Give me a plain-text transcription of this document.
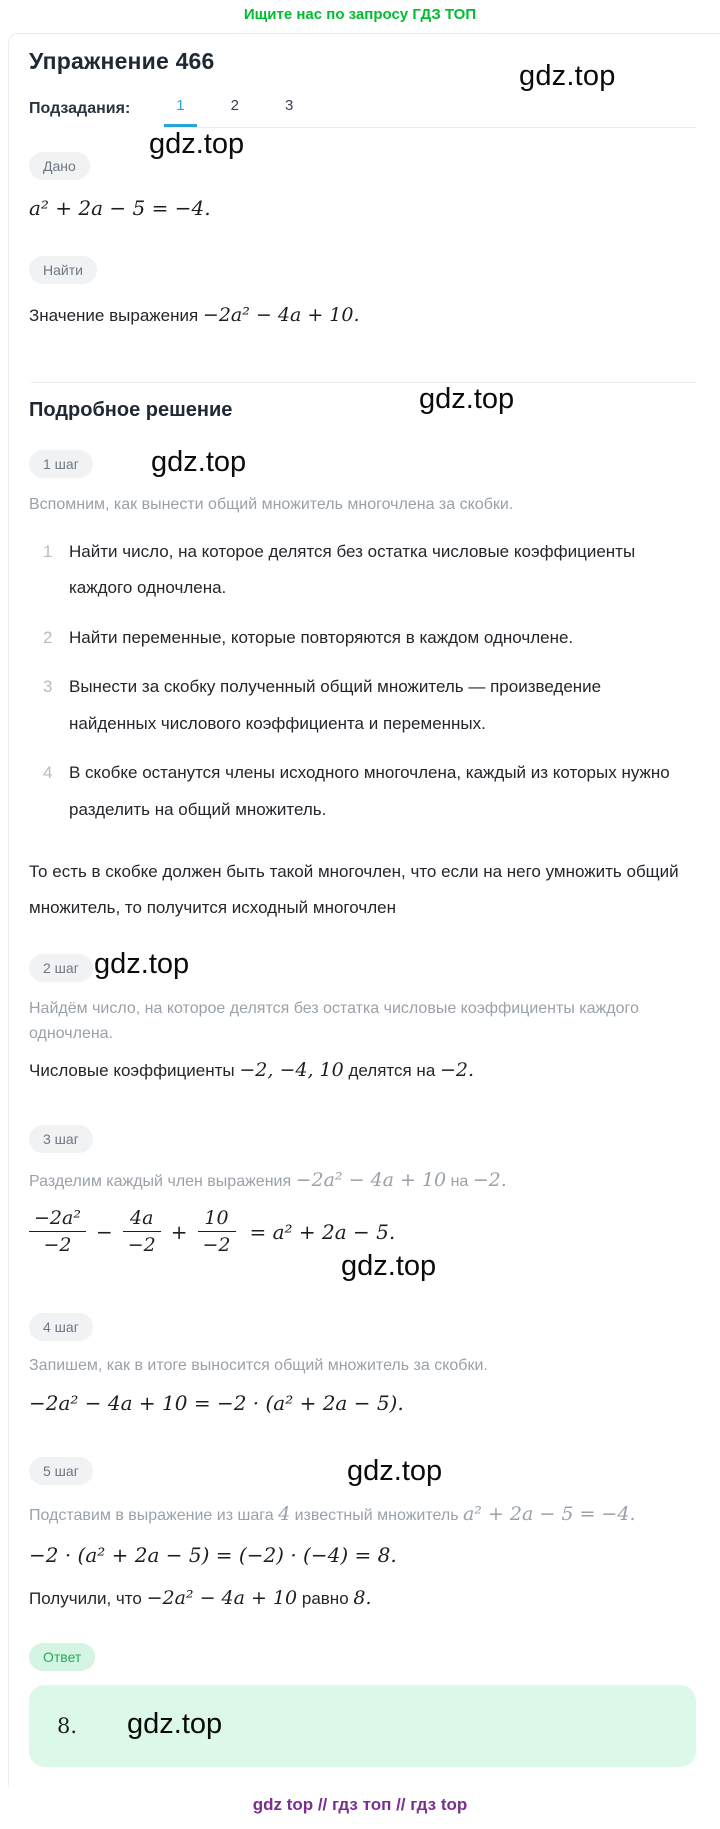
Ищите нас по запросу ГДЗ ТОП
Упражнение 466	gdz.top
Подзадания:	1	2	3
Дано
gdz.top
a² + 2a − 5 = −4.
Найти
Значение выражения −2a² − 4a + 10.
Подробное решение	gdz.top
1 шаг gdz.top
Вспомним, как вынести общий множитель многочлена за скобки.
1 Найти число, на которое делятся без остатка числовые коэффициенты каждого одночлена.
2 Найти переменные, которые повторяются в каждом одночлене.
3 Вынести за скобку полученный общий множитель — произведение найденных числового коэффициента и переменных.
4 В скобке останутся члены исходного многочлена, каждый из которых нужно разделить на общий множитель.

То есть в скобке должен быть такой многочлен, что если на него умножить общий множитель, то получится исходный многочлен

2 шаг gdz.top
Найдём число, на которое делятся без остатка числовые коэффициенты каждого одночлена.
Числовые коэффициенты −2, −4, 10 делятся на −2.
3 шаг
Разделим каждый член выражения −2a² − 4a + 10 на −2.
$\frac{\text{−2a²}}{-2} - \frac{4a}{-2} + \frac{10}{-2} = a^2 + 2a - 5$.
gdz.top
4 шаг
Запишем, как в итоге выносится общий множитель за скобки.
−2a² − 4a + 10 = −2 · (a² + 2a − 5).
5 шаг	gdz.top
Подставим в выражение из шага 4 известный множитель a² + 2a − 5 = −4.
−2 · (a² + 2a − 5) = (−2) · (−4) = 8.
Получили, что −2a² − 4a + 10 равно 8.
Ответ
8. gdz.top
gdz top // гдз топ // гдз top
